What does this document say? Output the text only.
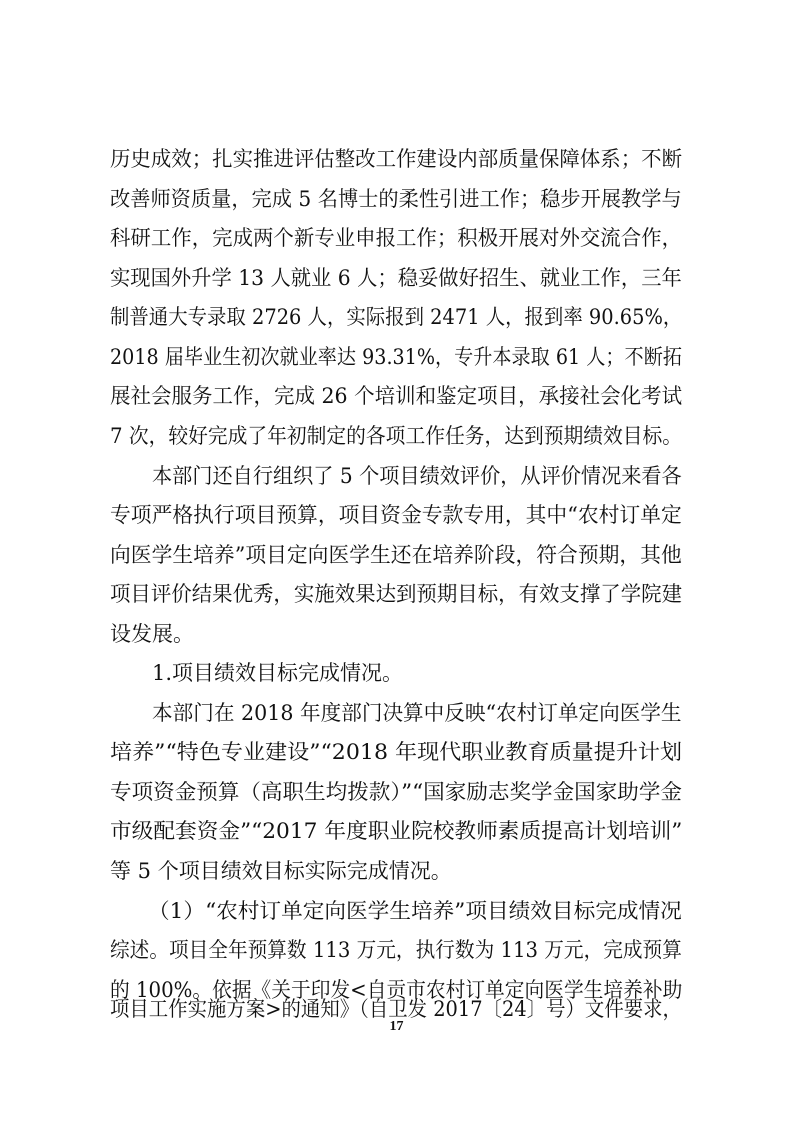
历史成效；扎实推进评估整改工作建设内部质量保障体系；不断
改善师资质量，完成 5 名博士的柔性引进工作；稳步开展教学与
科研工作，完成两个新专业申报工作；积极开展对外交流合作，
实现国外升学 13 人就业 6 人；稳妥做好招生、就业工作，三年
制普通大专录取 2726 人，实际报到 2471 人，报到率 90.65%，
2018 届毕业生初次就业率达 93.31%，专升本录取 61 人；不断拓
展社会服务工作，完成 26 个培训和鉴定项目，承接社会化考试
7 次，较好完成了年初制定的各项工作任务，达到预期绩效目标。
本部门还自行组织了 5 个项目绩效评价，从评价情况来看各
专项严格执行项目预算，项目资金专款专用，其中“农村订单定
向医学生培养”项目定向医学生还在培养阶段，符合预期，其他
项目评价结果优秀，实施效果达到预期目标，有效支撑了学院建
设发展。
1.项目绩效目标完成情况。
本部门在 2018 年度部门决算中反映“农村订单定向医学生
培养”“特色专业建设”“2018 年现代职业教育质量提升计划
专项资金预算（高职生均拨款）”“国家励志奖学金国家助学金
市级配套资金”“2017 年度职业院校教师素质提高计划培训”
等 5 个项目绩效目标实际完成情况。
（1）“农村订单定向医学生培养”项目绩效目标完成情况
综述。项目全年预算数 113 万元，执行数为 113 万元，完成预算
的 100%。依据《关于印发<自贡市农村订单定向医学生培养补助
项目工作实施方案>的通知》（自卫发 2017〔24〕号）文件要求，
17
